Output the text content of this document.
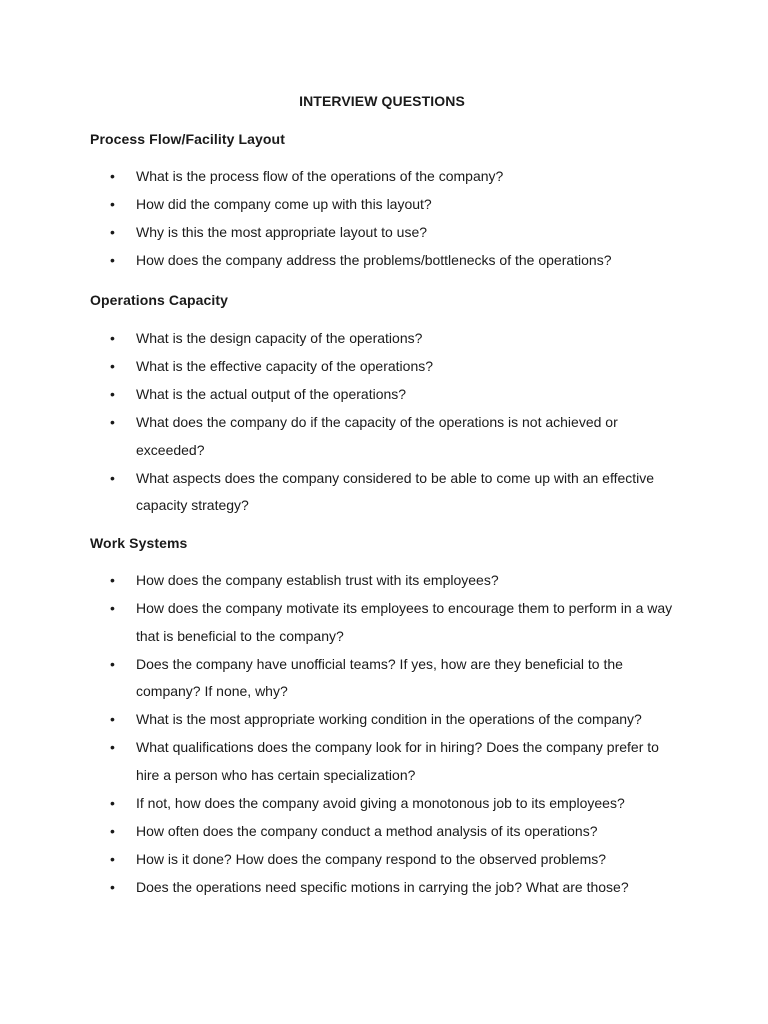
INTERVIEW QUESTIONS
Process Flow/Facility Layout
• What is the process flow of the operations of the company?
• How did the company come up with this layout?
• Why is this the most appropriate layout to use?
• How does the company address the problems/bottlenecks of the operations?
Operations Capacity
• What is the design capacity of the operations?
• What is the effective capacity of the operations?
• What is the actual output of the operations?
• What does the company do if the capacity of the operations is not achieved or exceeded?
• What aspects does the company considered to be able to come up with an effective capacity strategy?
Work Systems
• How does the company establish trust with its employees?
• How does the company motivate its employees to encourage them to perform in a way that is beneficial to the company?
• Does the company have unofficial teams? If yes, how are they beneficial to the company? If none, why?
• What is the most appropriate working condition in the operations of the company?
• What qualifications does the company look for in hiring? Does the company prefer to hire a person who has certain specialization?
• If not, how does the company avoid giving a monotonous job to its employees?
• How often does the company conduct a method analysis of its operations?
• How is it done? How does the company respond to the observed problems?
• Does the operations need specific motions in carrying the job? What are those?
